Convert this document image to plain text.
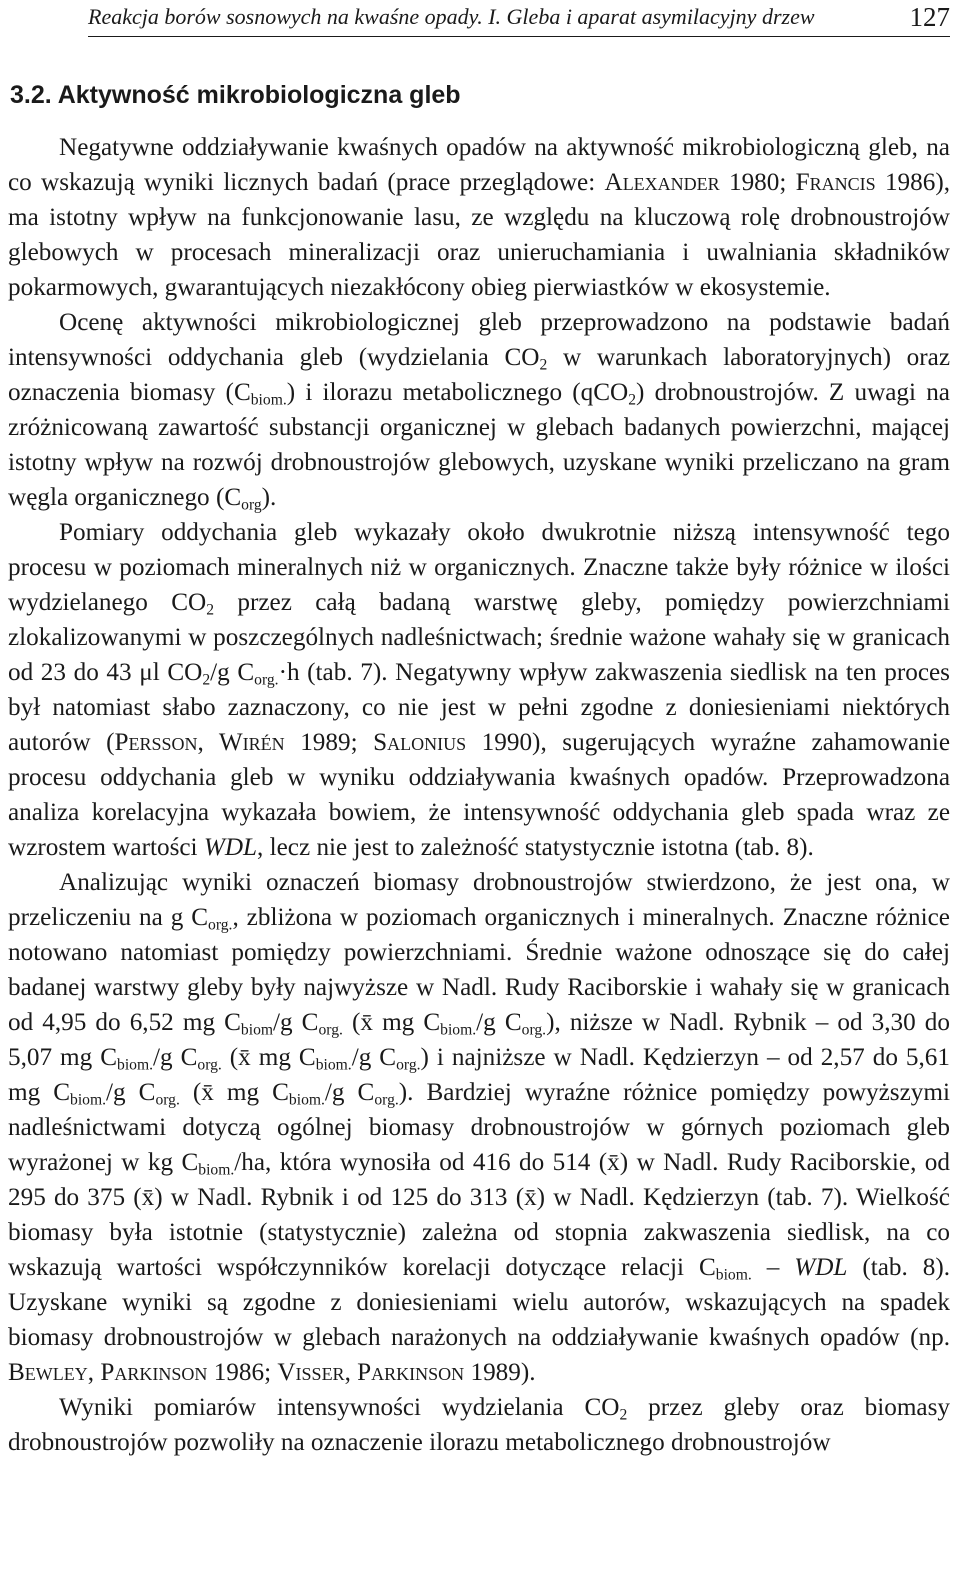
Reakcja borów sosnowych na kwaśne opady. I. Gleba i aparat asymilacyjny drzew	127
3.2. Aktywność mikrobiologiczna gleb

Negatywne oddziaływanie kwaśnych opadów na aktywność mikrobiologiczną gleb, na co wskazują wyniki licznych badań (prace przeglądowe: Alexander 1980; Francis 1986), ma istotny wpływ na funkcjonowanie lasu, ze względu na kluczową rolę drobnoustrojów glebowych w procesach mineralizacji oraz unieruchamiania i uwalniania składników pokarmowych, gwarantujących niezakłócony obieg pierwiastków w ekosystemie.

Ocenę aktywności mikrobiologicznej gleb przeprowadzono na podstawie badań intensywności oddychania gleb (wydzielania $CO_2$ w warunkach laboratoryjnych) oraz oznaczenia biomasy $(C_{biom.})$ i ilorazu metabolicznego (qCO$_2$) drobnoustrojów. Z uwagi na zróżnicowaną zawartość substancji organicznej w glebach badanych powierzchni, mającej istotny wpływ na rozwój drobnoustrojów glebowych, uzyskane wyniki przeliczano na gram węgla organicznego $(C_{org})$.

Pomiary oddychania gleb wykazały około dwukrotnie niższą intensywność tego procesu w poziomach mineralnych niż w organicznych. Znaczne także były różnice w ilości wydzielanego $CO_2$ przez całą badaną warstwę gleby, pomiędzy powierzchniami zlokalizowanymi w poszczególnych nadleśnictwach; średnie ważone wahały się w granicach od 23 do 43 μl $CO_2/g$ $C_{org.}\cdot h$ (tab. 7). Negatywny wpływ zakwaszenia siedlisk na ten proces był natomiast słabo zaznaczony, co nie jest w pełni zgodne z doniesieniami niektórych autorów (Persson, Wirén 1989; Salonius 1990), sugerujących wyraźne zahamowanie procesu oddychania gleb w wyniku oddziaływania kwaśnych opadów. Przeprowadzona analiza korelacyjna wykazała bowiem, że intensywność oddychania gleb spada wraz ze wzrostem wartości WDL, lecz nie jest to zależność statystycznie istotna (tab. 8).

Analizując wyniki oznaczeń biomasy drobnoustrojów stwierdzono, że jest ona, w przeliczeniu na g $C_{org.}$, zbliżona w poziomach organicznych i mineralnych. Znaczne różnice notowano natomiast pomiędzy powierzchniami. Średnie ważone odnoszące się do całej badanej warstwy gleby były najwyższe w Nadl. Rudy Raciborskie i wahały się w granicach od 4,95 do 6,52 mg $C_{biom}/g$ $C_{org.}$ (x̄ mg $C_{biom.}/g$ $C_{org.}$), niższe w Nadl. Rybnik – od 3,30 do 5,07 mg $C_{biom.}/g$ $C_{org.}$ (x̄ mg $C_{biom.}/g$ $C_{org.}$) i najniższe w Nadl. Kędzierzyn – od 2,57 do 5,61 mg $C_{biom.}/g$ $C_{org.}$ (x̄ mg $C_{biom.}/g$ $C_{org.}$). Bardziej wyraźne różnice pomiędzy powyższymi nadleśnictwami dotyczą ogólnej biomasy drobnoustrojów w górnych poziomach gleb wyrażonej w kg $C_{biom.}/ha$, która wynosiła od 416 do 514 (x̄) w Nadl. Rudy Raciborskie, od 295 do 375 (x̄) w Nadl. Rybnik i od 125 do 313 (x̄) w Nadl. Kędzierzyn (tab. 7). Wielkość biomasy była istotnie (statystycznie) zależna od stopnia zakwaszenia siedlisk, na co wskazują wartości współczynników korelacji dotyczące relacji $C_{biom.}$ – WDL (tab. 8). Uzyskane wyniki są zgodne z doniesieniami wielu autorów, wskazujących na spadek biomasy drobnoustrojów w glebach narażonych na oddziaływanie kwaśnych opadów (np. Bewley, Parkinson 1986; Visser, Parkinson 1989).

Wyniki pomiarów intensywności wydzielania $CO_2$ przez gleby oraz biomasy drobnoustrojów pozwoliły na oznaczenie ilorazu metabolicznego drobnoustrojów
